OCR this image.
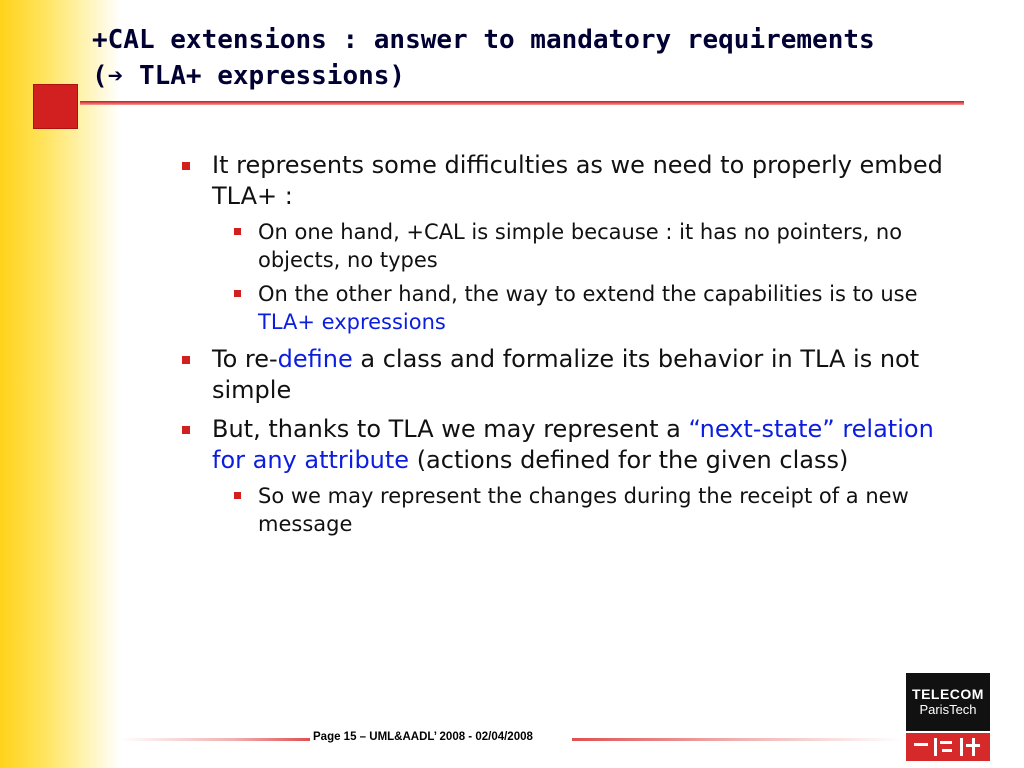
+CAL extensions : answer to mandatory requirements
(➔ TLA+ expressions)
It represents some difficulties as we need to properly embed TLA+ :
On one hand, +CAL is simple because : it has no pointers, no objects, no types
On the other hand, the way to extend the capabilities is to use TLA+ expressions
To re-define a class and formalize its behavior in TLA is not simple
But, thanks to TLA we may represent a “next-state” relation for any attribute (actions defined for the given class)
So we may represent the changes during the receipt of a new message
Page 15 – UML&AADL’ 2008 - 02/04/2008
TELECOM
ParisTech
